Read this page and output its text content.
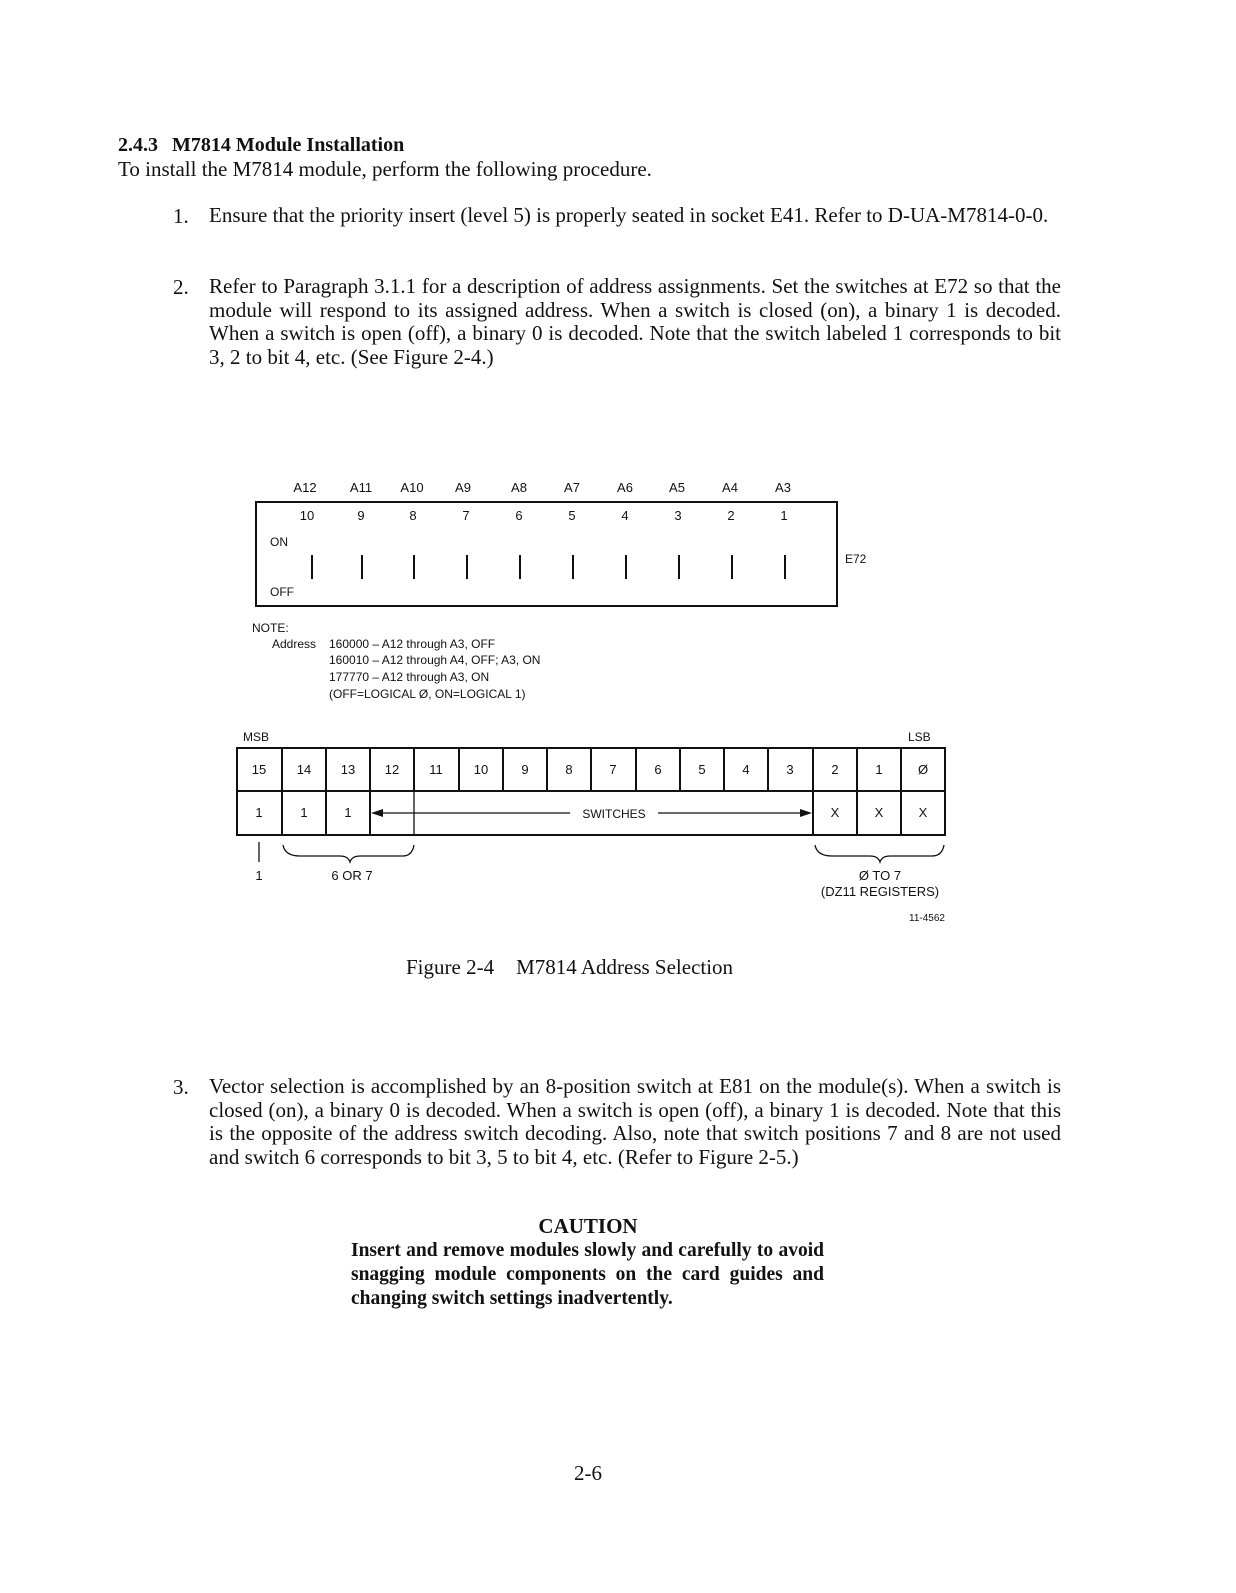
2.4.3 M7814 Module Installation
To install the M7814 module, perform the following procedure.
1. Ensure that the priority insert (level 5) is properly seated in socket E41. Refer to D-UA-M7814-0-0.
2. Refer to Paragraph 3.1.1 for a description of address assignments. Set the switches at E72 so that the module will respond to its assigned address. When a switch is closed (on), a binary 1 is decoded. When a switch is open (off), a binary 0 is decoded. Note that the switch labeled 1 corresponds to bit 3, 2 to bit 4, etc. (See Figure 2-4.)
A12	A11 A10 A9	A8	A7	A6	A5	A4	A3
10	9	8	7	6	5	4	3	2	1
ON
OFF
E72
NOTE:
Address 160000 – A12 through A3, OFF
160010 – A12 through A4, OFF; A3, ON
177770 – A12 through A3, ON
(OFF=LOGICAL Ø, ON=LOGICAL 1)
MSB	LSB
15 14 13 12 11 10	9	8	7	6	5	4	3	2	1	Ø
1	1	1	X	X	X
SWITCHES
1	6 OR 7	Ø TO 7
(DZ11 REGISTERS)
11-4562
Figure 2-4 M7814 Address Selection
3. Vector selection is accomplished by an 8-position switch at E81 on the module(s). When a switch is closed (on), a binary 0 is decoded. When a switch is open (off), a binary 1 is decoded. Note that this is the opposite of the address switch decoding. Also, note that switch positions 7 and 8 are not used and switch 6 corresponds to bit 3, 5 to bit 4, etc. (Refer to Figure 2-5.)
CAUTION
Insert and remove modules slowly and carefully to avoid snagging module components on the card guides and changing switch settings inadvertently.
2-6
